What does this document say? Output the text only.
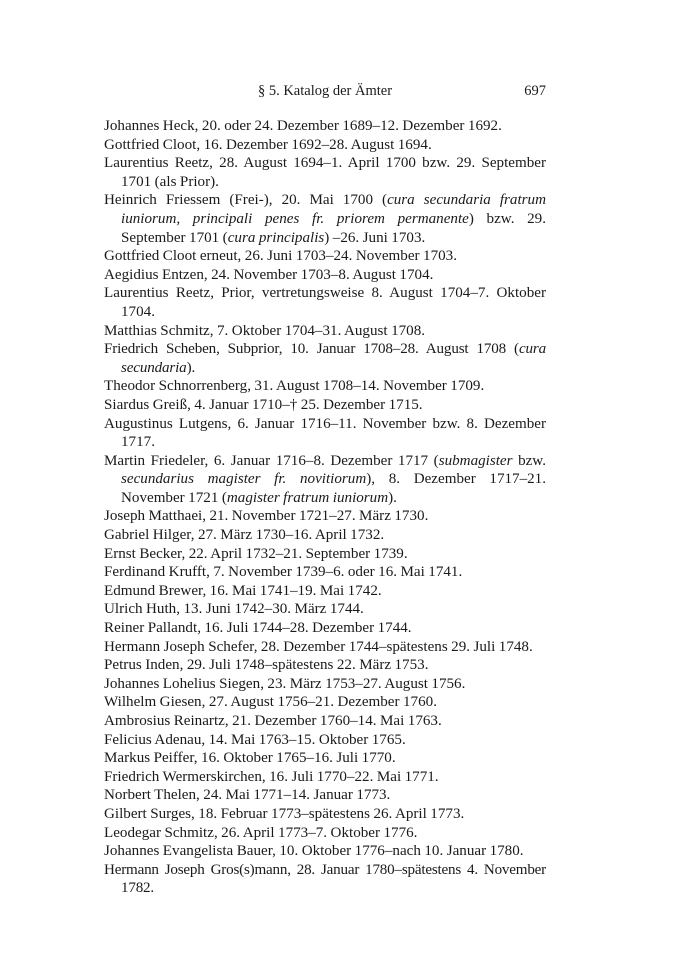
§ 5. Katalog der Ämter	697

Johannes Heck, 20. oder 24. Dezember 1689–12. Dezember 1692.

Gottfried Cloot, 16. Dezember 1692–28. August 1694.

Laurentius Reetz, 28. August 1694–1. April 1700 bzw. 29. September 1701 (als Prior).

Heinrich Friessem (Frei-), 20. Mai 1700 (cura secundaria fratrum iuniorum, principali penes fr. priorem permanente) bzw. 29. September 1701 (cura principalis) –26. Juni 1703.

Gottfried Cloot erneut, 26. Juni 1703–24. November 1703.

Aegidius Entzen, 24. November 1703–8. August 1704.

Laurentius Reetz, Prior, vertretungsweise 8. August 1704–7. Oktober 1704.

Matthias Schmitz, 7. Oktober 1704–31. August 1708.

Friedrich Scheben, Subprior, 10. Januar 1708–28. August 1708 (cura secundaria).

Theodor Schnorrenberg, 31. August 1708–14. November 1709.

Siardus Greiß, 4. Januar 1710–† 25. Dezember 1715.

Augustinus Lutgens, 6. Januar 1716–11. November bzw. 8. Dezember 1717.

Martin Friedeler, 6. Januar 1716–8. Dezember 1717 (submagister bzw. secundarius magister fr. novitiorum), 8. Dezember 1717–21. November 1721 (magister fratrum iuniorum).

Joseph Matthaei, 21. November 1721–27. März 1730.

Gabriel Hilger, 27. März 1730–16. April 1732.

Ernst Becker, 22. April 1732–21. September 1739.

Ferdinand Krufft, 7. November 1739–6. oder 16. Mai 1741.

Edmund Brewer, 16. Mai 1741–19. Mai 1742.

Ulrich Huth, 13. Juni 1742–30. März 1744.

Reiner Pallandt, 16. Juli 1744–28. Dezember 1744.

Hermann Joseph Schefer, 28. Dezember 1744–spätestens 29. Juli 1748.

Petrus Inden, 29. Juli 1748–spätestens 22. März 1753.

Johannes Lohelius Siegen, 23. März 1753–27. August 1756.

Wilhelm Giesen, 27. August 1756–21. Dezember 1760.

Ambrosius Reinartz, 21. Dezember 1760–14. Mai 1763.

Felicius Adenau, 14. Mai 1763–15. Oktober 1765.

Markus Peiffer, 16. Oktober 1765–16. Juli 1770.

Friedrich Wermerskirchen, 16. Juli 1770–22. Mai 1771.

Norbert Thelen, 24. Mai 1771–14. Januar 1773.

Gilbert Surges, 18. Februar 1773–spätestens 26. April 1773.

Leodegar Schmitz, 26. April 1773–7. Oktober 1776.

Johannes Evangelista Bauer, 10. Oktober 1776–nach 10. Januar 1780.

Hermann Joseph Gros(s)mann, 28. Januar 1780–spätestens 4. November 1782.
